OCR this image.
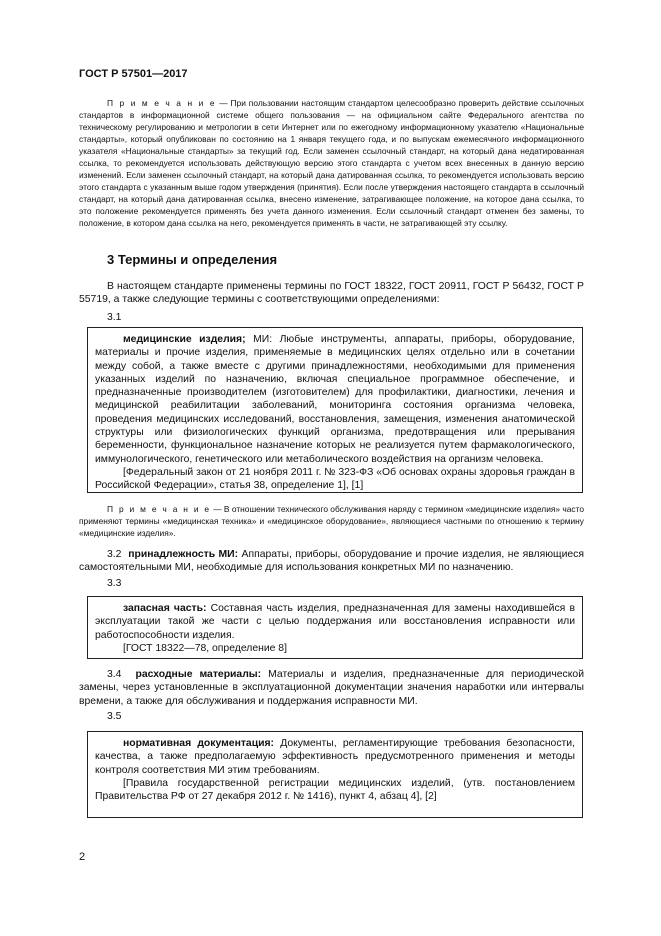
ГОСТ Р 57501—2017
П р и м е ч а н и е — При пользовании настоящим стандартом целесообразно проверить действие ссылочных стандартов в информационной системе общего пользования — на официальном сайте Федерального агентства по техническому регулированию и метрологии в сети Интернет или по ежегодному информационному указателю «Национальные стандарты», который опубликован по состоянию на 1 января текущего года, и по выпускам ежемесячного информационного указателя «Национальные стандарты» за текущий год. Если заменен ссылочный стандарт, на который дана недатированная ссылка, то рекомендуется использовать действующую версию этого стандарта с учетом всех внесенных в данную версию изменений. Если заменен ссылочный стандарт, на который дана датированная ссылка, то рекомендуется использовать версию этого стандарта с указанным выше годом утверждения (принятия). Если после утверждения настоящего стандарта в ссылочный стандарт, на который дана датированная ссылка, внесено изменение, затрагивающее положение, на которое дана ссылка, то это положение рекомендуется применять без учета данного изменения. Если ссылочный стандарт отменен без замены, то положение, в котором дана ссылка на него, рекомендуется применять в части, не затрагивающей эту ссылку.
3 Термины и определения
В настоящем стандарте применены термины по ГОСТ 18322, ГОСТ 20911, ГОСТ Р 56432, ГОСТ Р 55719, а также следующие термины с соответствующими определениями:
3.1

медицинские изделия; МИ: Любые инструменты, аппараты, приборы, оборудование, материалы и прочие изделия, применяемые в медицинских целях отдельно или в сочетании между собой, а также вместе с другими принадлежностями, необходимыми для применения указанных изделий по назначению, включая специальное программное обеспечение, и предназначенные производителем (изготовителем) для профилактики, диагностики, лечения и медицинской реабилитации заболеваний, мониторинга состояния организма человека, проведения медицинских исследований, восстановления, замещения, изменения анатомической структуры или физиологических функций организма, предотвращения или прерывания беременности, функциональное назначение которых не реализуется путем фармакологического, иммунологического, генетического или метаболического воздействия на организм человека.

[Федеральный закон от 21 ноября 2011 г. № 323-ФЗ «Об основах охраны здоровья граждан в Российской Федерации», статья 38, определение 1], [1]

П р и м е ч а н и е — В отношении технического обслуживания наряду с термином «медицинские изделия» часто применяют термины «медицинская техника» и «медицинское оборудование», являющиеся частными по отношению к термину «медицинские изделия».
3.2 принадлежность МИ: Аппараты, приборы, оборудование и прочие изделия, не являющиеся самостоятельными МИ, необходимые для использования конкретных МИ по назначению.
3.3

запасная часть: Составная часть изделия, предназначенная для замены находившейся в эксплуатации такой же части с целью поддержания или восстановления исправности или работоспособности изделия.

[ГОСТ 18322—78, определение 8]

3.4 расходные материалы: Материалы и изделия, предназначенные для периодической замены, через установленные в эксплуатационной документации значения наработки или интервалы времени, а также для обслуживания и поддержания исправности МИ.
3.5

нормативная документация: Документы, регламентирующие требования безопасности, качества, а также предполагаемую эффективность предусмотренного применения и методы контроля соответствия МИ этим требованиям.

[Правила государственной регистрации медицинских изделий, (утв. постановлением Правительства РФ от 27 декабря 2012 г. № 1416), пункт 4, абзац 4], [2]

2
